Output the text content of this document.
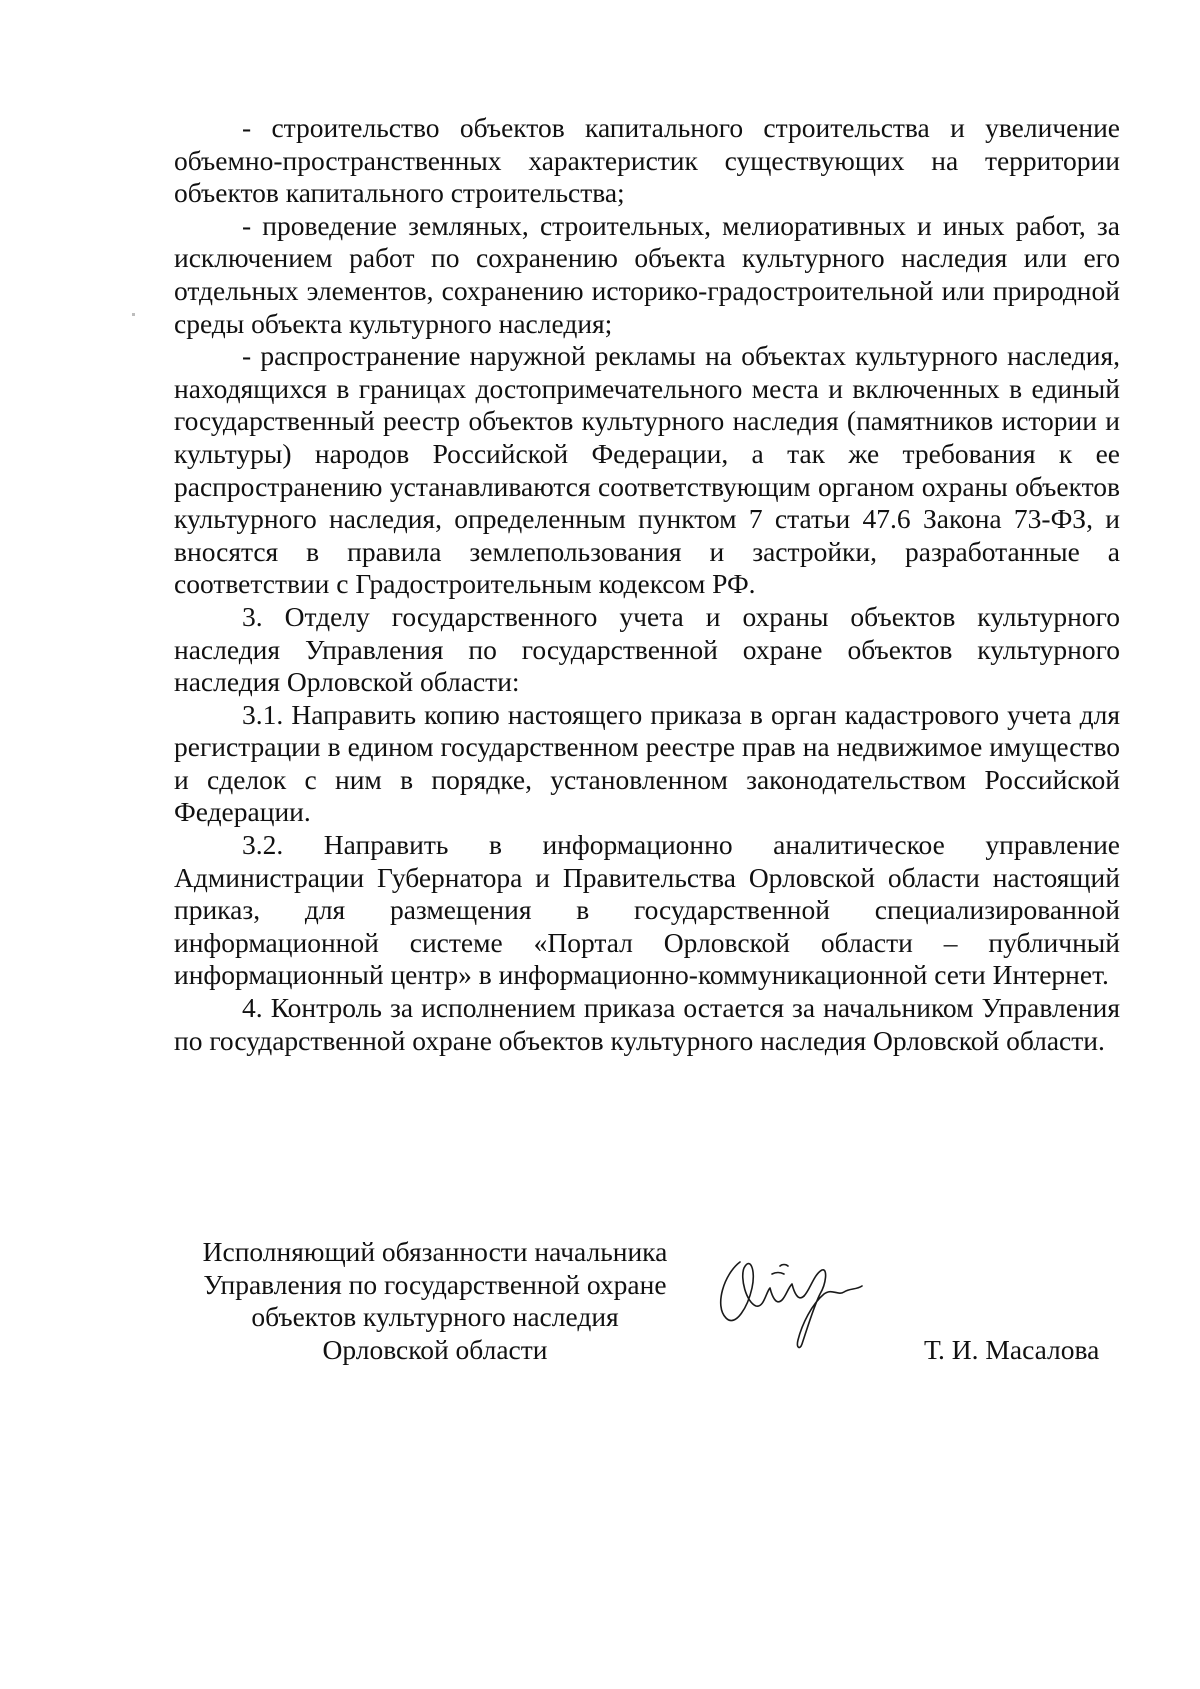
- строительство объектов капитального строительства и увеличение объемно-пространственных характеристик существующих на территории объектов капитального строительства;

- проведение земляных, строительных, мелиоративных и иных работ, за исключением работ по сохранению объекта культурного наследия или его отдельных элементов, сохранению историко-градостроительной или природной среды объекта культурного наследия;

- распространение наружной рекламы на объектах культурного наследия, находящихся в границах достопримечательного места и включенных в единый государственный реестр объектов культурного наследия (памятников истории и культуры) народов Российской Федерации, а так же требования к ее распространению устанавливаются соответствующим органом охраны объектов культурного наследия, определенным пунктом 7 статьи 47.6 Закона 73-ФЗ, и вносятся в правила землепользования и застройки, разработанные а соответствии с Градостроительным кодексом РФ.

3. Отделу государственного учета и охраны объектов культурного наследия Управления по государственной охране объектов культурного наследия Орловской области:

3.1. Направить копию настоящего приказа в орган кадастрового учета для регистрации в едином государственном реестре прав на недвижимое имущество и сделок с ним в порядке, установленном законодательством Российской Федерации.

3.2. Направить в информационно аналитическое управление Администрации Губернатора и Правительства Орловской области настоящий приказ, для размещения в государственной специализированной информационной системе «Портал Орловской области – публичный информационный центр» в информационно-коммуникационной сети Интернет.

4. Контроль за исполнением приказа остается за начальником Управления по государственной охране объектов культурного наследия Орловской области.

Исполняющий обязанности начальника
Управления по государственной охране
объектов культурного наследия
Орловской области	Т. И. Масалова
